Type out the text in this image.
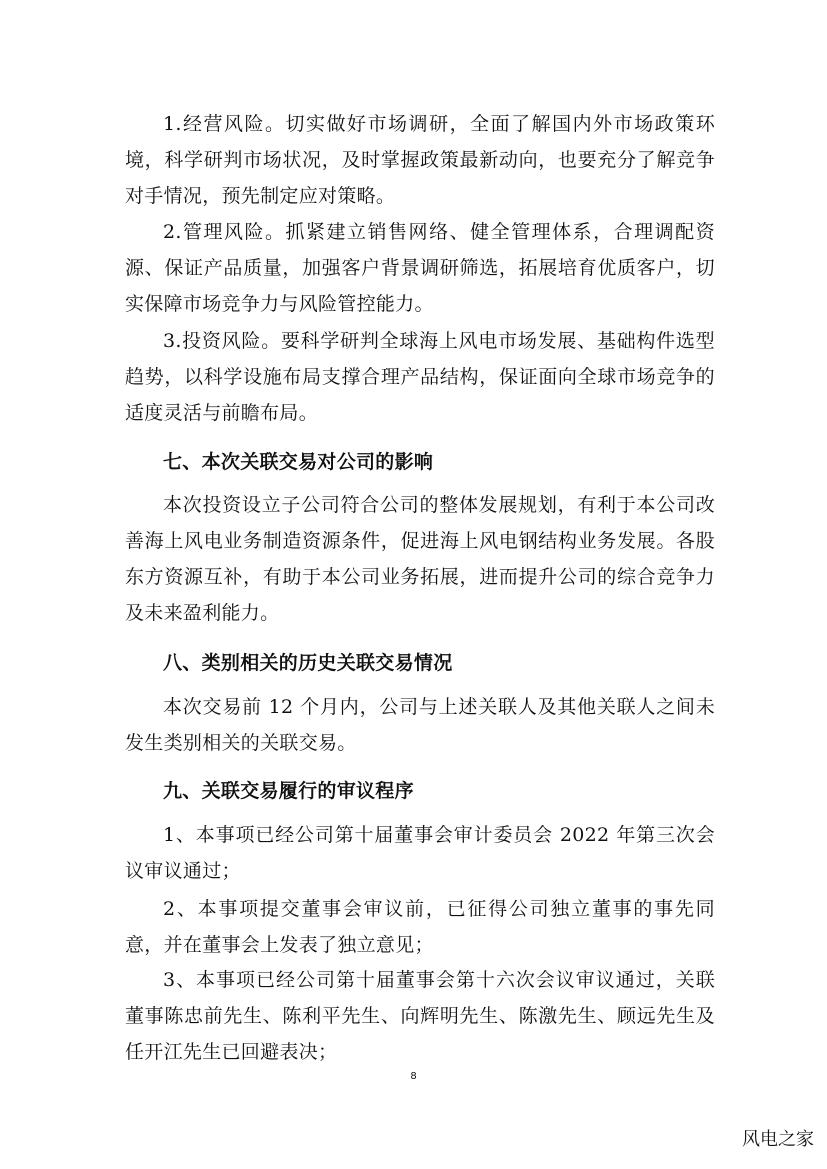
1.经营风险。切实做好市场调研，全面了解国内外市场政策环境，科学研判市场状况，及时掌握政策最新动向，也要充分了解竞争对手情况，预先制定应对策略。

2.管理风险。抓紧建立销售网络、健全管理体系，合理调配资源、保证产品质量，加强客户背景调研筛选，拓展培育优质客户，切实保障市场竞争力与风险管控能力。

3.投资风险。要科学研判全球海上风电市场发展、基础构件选型趋势，以科学设施布局支撑合理产品结构，保证面向全球市场竞争的适度灵活与前瞻布局。

七、本次关联交易对公司的影响

本次投资设立子公司符合公司的整体发展规划，有利于本公司改善海上风电业务制造资源条件，促进海上风电钢结构业务发展。各股东方资源互补，有助于本公司业务拓展，进而提升公司的综合竞争力及未来盈利能力。

八、类别相关的历史关联交易情况

本次交易前 12 个月内，公司与上述关联人及其他关联人之间未发生类别相关的关联交易。

九、关联交易履行的审议程序

1、本事项已经公司第十届董事会审计委员会 2022 年第三次会议审议通过；

2、本事项提交董事会审议前，已征得公司独立董事的事先同意，并在董事会上发表了独立意见；

3、本事项已经公司第十届董事会第十六次会议审议通过，关联董事陈忠前先生、陈利平先生、向辉明先生、陈激先生、顾远先生及任开江先生已回避表决；

8
风电之家
